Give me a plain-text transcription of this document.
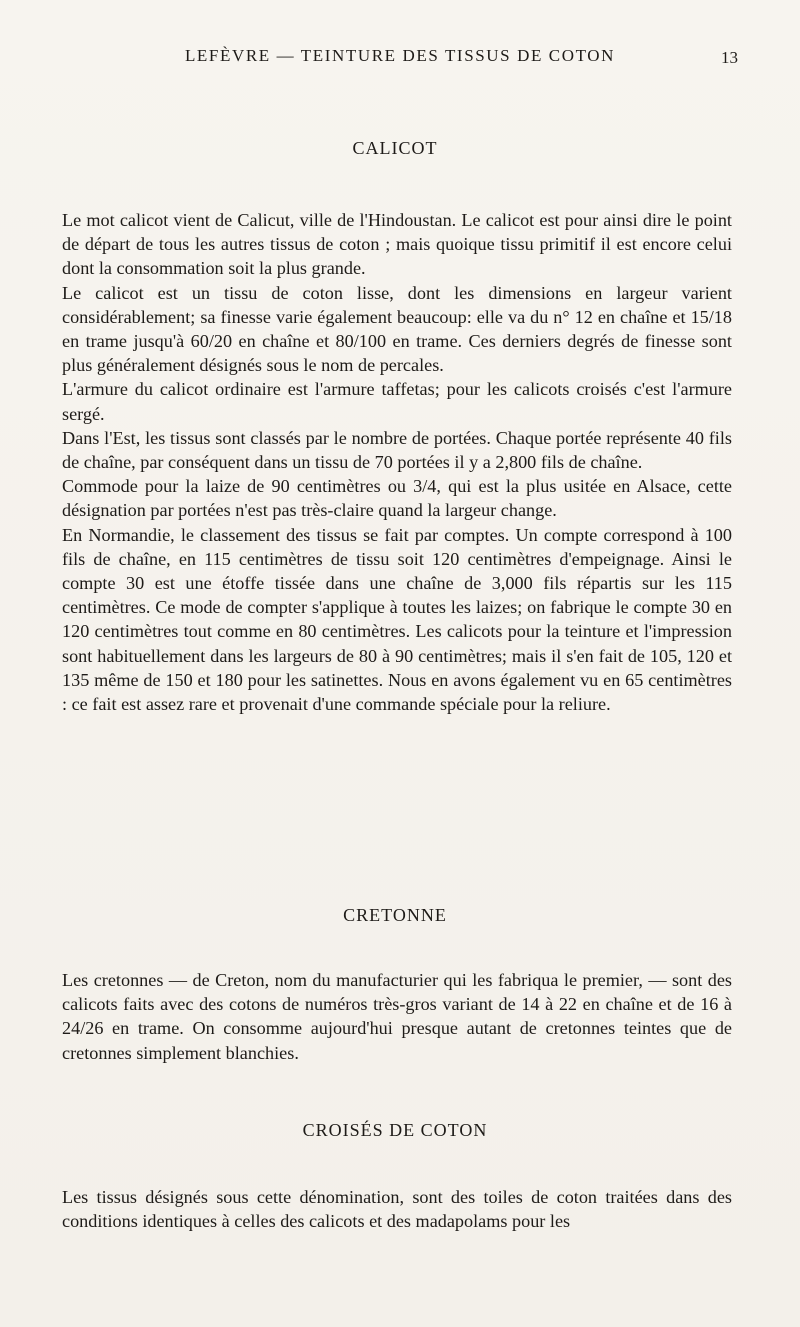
LEFÈVRE — TEINTURE DES TISSUS DE COTON	13
CALICOT

Le mot calicot vient de Calicut, ville de l'Hindoustan. Le calicot est pour ainsi dire le point de départ de tous les autres tissus de coton ; mais quoique tissu primitif il est encore celui dont la consommation soit la plus grande.

Le calicot est un tissu de coton lisse, dont les dimensions en largeur varient considérablement; sa finesse varie également beaucoup: elle va du n° 12 en chaîne et 15/18 en trame jusqu'à 60/20 en chaîne et 80/100 en trame. Ces derniers degrés de finesse sont plus généralement désignés sous le nom de percales.

L'armure du calicot ordinaire est l'armure taffetas; pour les calicots croisés c'est l'armure sergé.

Dans l'Est, les tissus sont classés par le nombre de portées. Chaque portée représente 40 fils de chaîne, par conséquent dans un tissu de 70 portées il y a 2,800 fils de chaîne.

Commode pour la laize de 90 centimètres ou 3/4, qui est la plus usitée en Alsace, cette désignation par portées n'est pas très-claire quand la largeur change.

En Normandie, le classement des tissus se fait par comptes. Un compte correspond à 100 fils de chaîne, en 115 centimètres de tissu soit 120 centimètres d'empeignage. Ainsi le compte 30 est une étoffe tissée dans une chaîne de 3,000 fils répartis sur les 115 centimètres. Ce mode de compter s'applique à toutes les laizes; on fabrique le compte 30 en 120 centimètres tout comme en 80 centimètres. Les calicots pour la teinture et l'impression sont habituellement dans les largeurs de 80 à 90 centimètres; mais il s'en fait de 105, 120 et 135 même de 150 et 180 pour les satinettes. Nous en avons également vu en 65 centimètres : ce fait est assez rare et provenait d'une commande spéciale pour la reliure.

CRETONNE

Les cretonnes — de Creton, nom du manufacturier qui les fabriqua le premier, — sont des calicots faits avec des cotons de numéros très-gros variant de 14 à 22 en chaîne et de 16 à 24/26 en trame. On consomme aujourd'hui presque autant de cretonnes teintes que de cretonnes simplement blanchies.

CROISÉS DE COTON

Les tissus désignés sous cette dénomination, sont des toiles de coton traitées dans des conditions identiques à celles des calicots et des madapolams pour les
